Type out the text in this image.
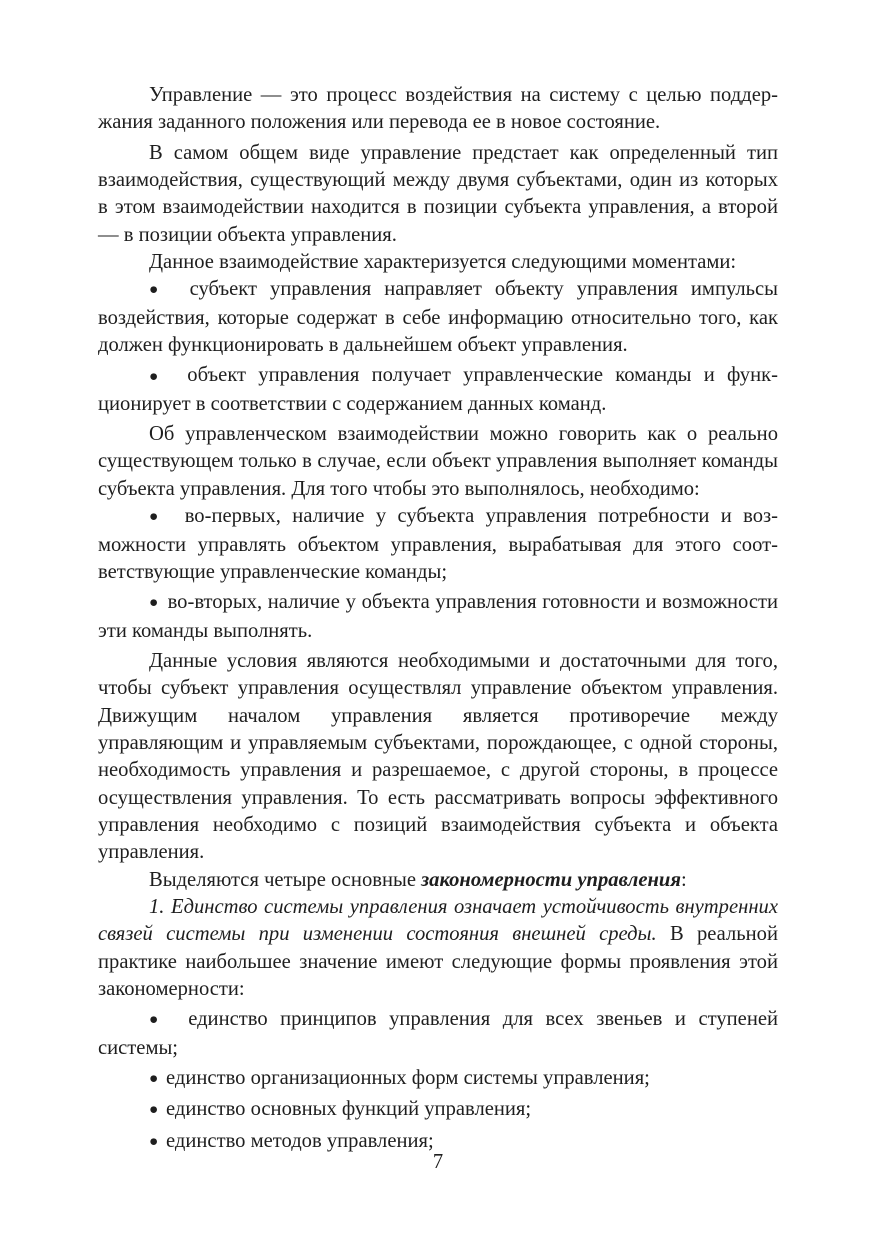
Управление — это процесс воздействия на систему с целью поддержания заданного положения или перевода ее в новое состояние.

В самом общем виде управление предстает как определенный тип взаимодействия, существующий между двумя субъектами, один из которых в этом взаимодействии находится в позиции субъекта управления, а второй — в позиции объекта управления.

Данное взаимодействие характеризуется следующими моментами:

●  субъект управления направляет объекту управления импульсы воздействия, которые содержат в себе информацию относительно того, как должен функционировать в дальнейшем объект управления.

●  объект управления получает управленческие команды и функционирует в соответствии с содержанием данных команд.

Об управленческом взаимодействии можно говорить как о реально существующем только в случае, если объект управления выполняет команды субъекта управления. Для того чтобы это выполнялось, необходимо:

●  во-первых, наличие у субъекта управления потребности и возможности управлять объектом управления, вырабатывая для этого соответствующие управленческие команды;

●  во-вторых, наличие у объекта управления готовности и возможности эти команды выполнять.

Данные условия являются необходимыми и достаточными для того, чтобы субъект управления осуществлял управление объектом управления. Движущим началом управления является противоречие между управляющим и управляемым субъектами, порождающее, с одной стороны, необходимость управления и разрешаемое, с другой стороны, в процессе осуществления управления. То есть рассматривать вопросы эффективного управления необходимо с позиций взаимодействия субъекта и объекта управления.

Выделяются четыре основные закономерности управления:

1. Единство системы управления означает устойчивость внутренних связей системы при изменении состояния внешней среды. В реальной практике наибольшее значение имеют следующие формы проявления этой закономерности:

●  единство принципов управления для всех звеньев и ступеней системы;

●  единство организационных форм системы управления;

●  единство основных функций управления;

●  единство методов управления;

7
